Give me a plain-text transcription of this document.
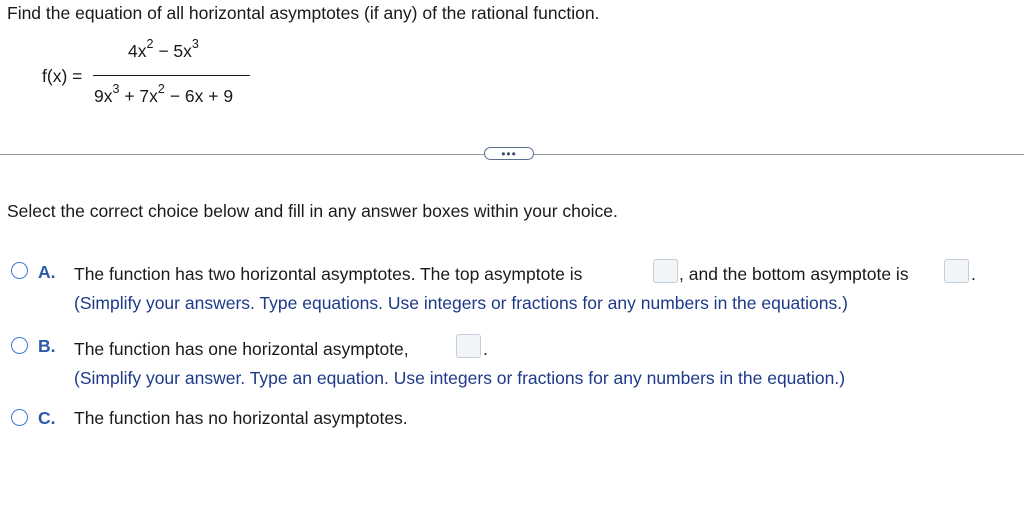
Find the equation of all horizontal asymptotes (if any) of the rational function.
f(x) =
$4x^2 - 5x^3$
$9x^3 + 7x^2 - 6x + 9$
•••
Select the correct choice below and fill in any answer boxes within your choice.
A. The function has two horizontal asymptotes. The top asymptote is	, and the bottom asymptote is	.
(Simplify your answers. Type equations. Use integers or fractions for any numbers in the equations.)
B. The function has one horizontal asymptote,	.
(Simplify your answer. Type an equation. Use integers or fractions for any numbers in the equation.)
C. The function has no horizontal asymptotes.
